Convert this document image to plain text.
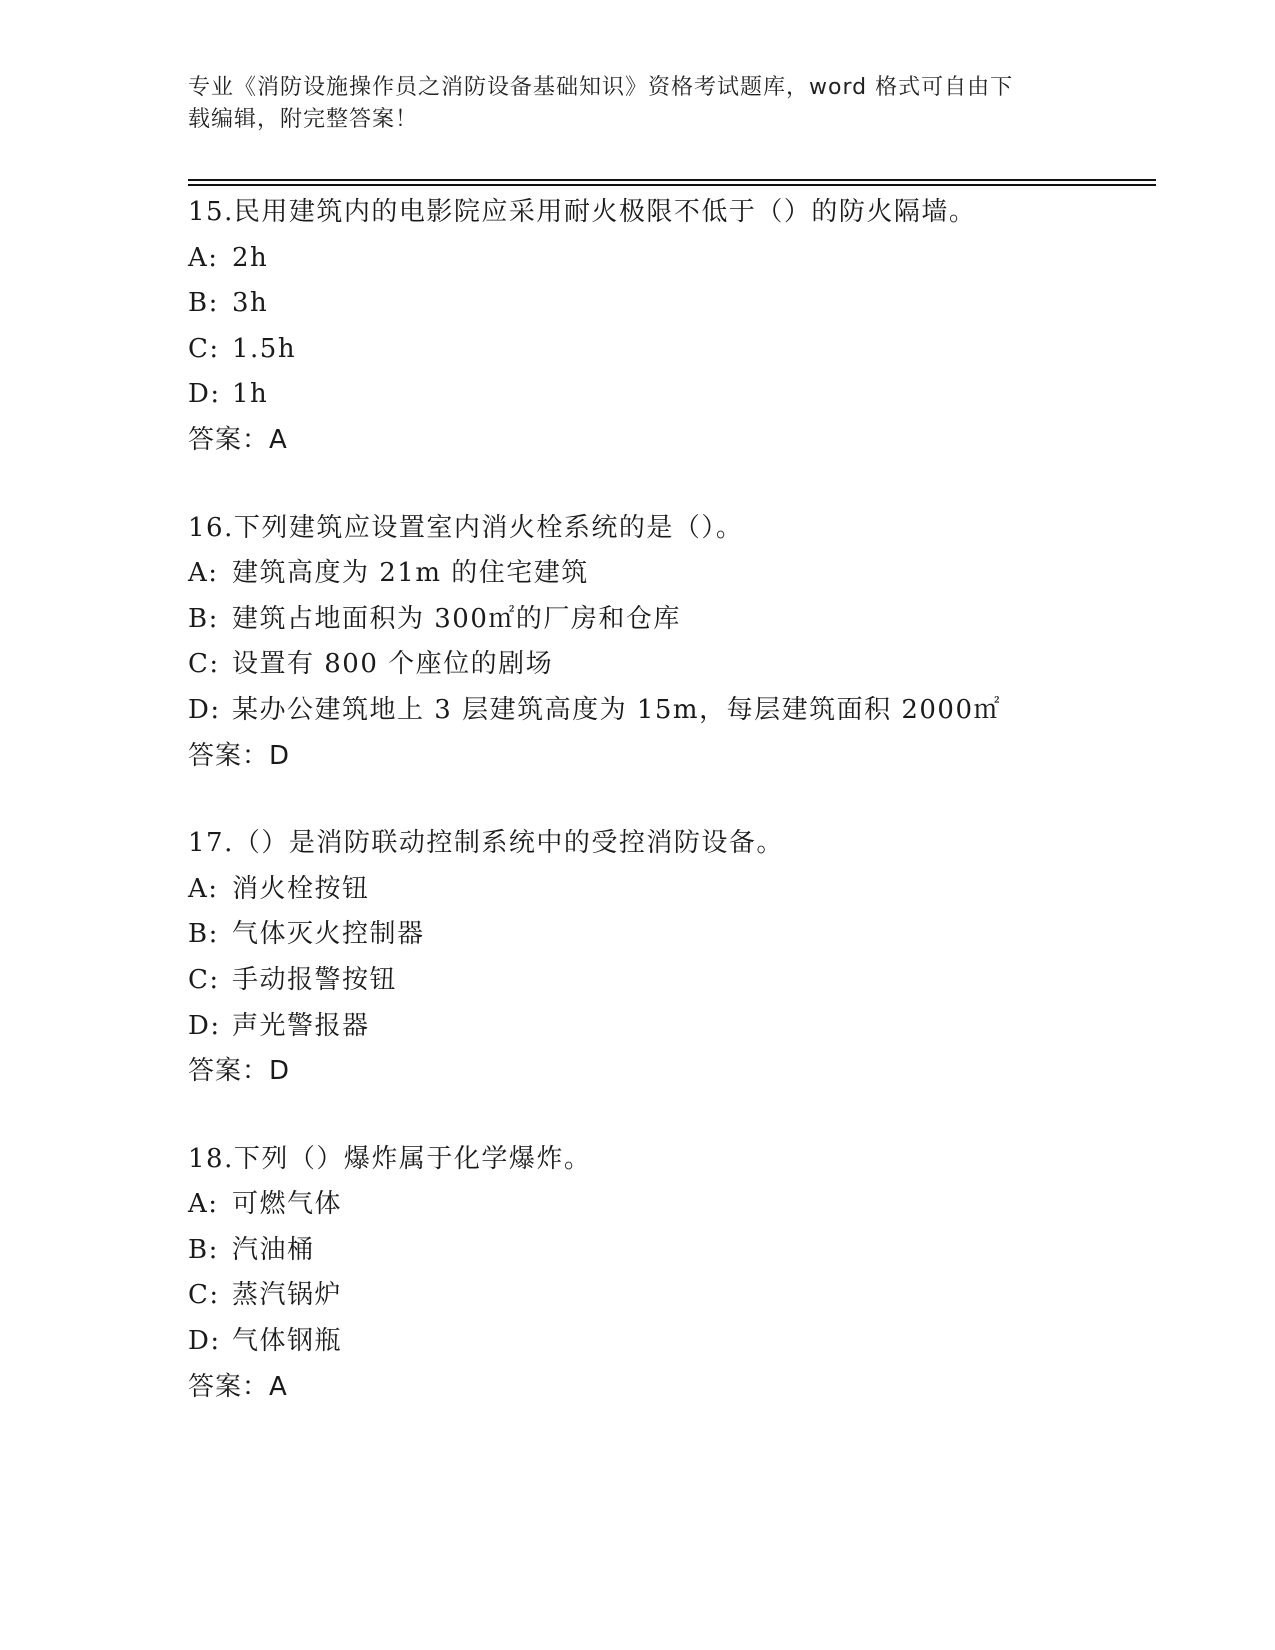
专业《消防设施操作员之消防设备基础知识》资格考试题库，word 格式可自由下
载编辑，附完整答案！
15.民用建筑内的电影院应采用耐火极限不低于（）的防火隔墙。
A: 2h
B: 3h
C: 1.5h
D: 1h
答案：A
16.下列建筑应设置室内消火栓系统的是（）。
A: 建筑高度为 21m 的住宅建筑
B: 建筑占地面积为 300㎡的厂房和仓库
C: 设置有 800 个座位的剧场
D: 某办公建筑地上 3 层建筑高度为 15m，每层建筑面积 2000㎡
答案：D
17.（）是消防联动控制系统中的受控消防设备。
A: 消火栓按钮
B: 气体灭火控制器
C: 手动报警按钮
D: 声光警报器
答案：D
18.下列（）爆炸属于化学爆炸。
A: 可燃气体
B: 汽油桶
C: 蒸汽锅炉
D: 气体钢瓶
答案：A
